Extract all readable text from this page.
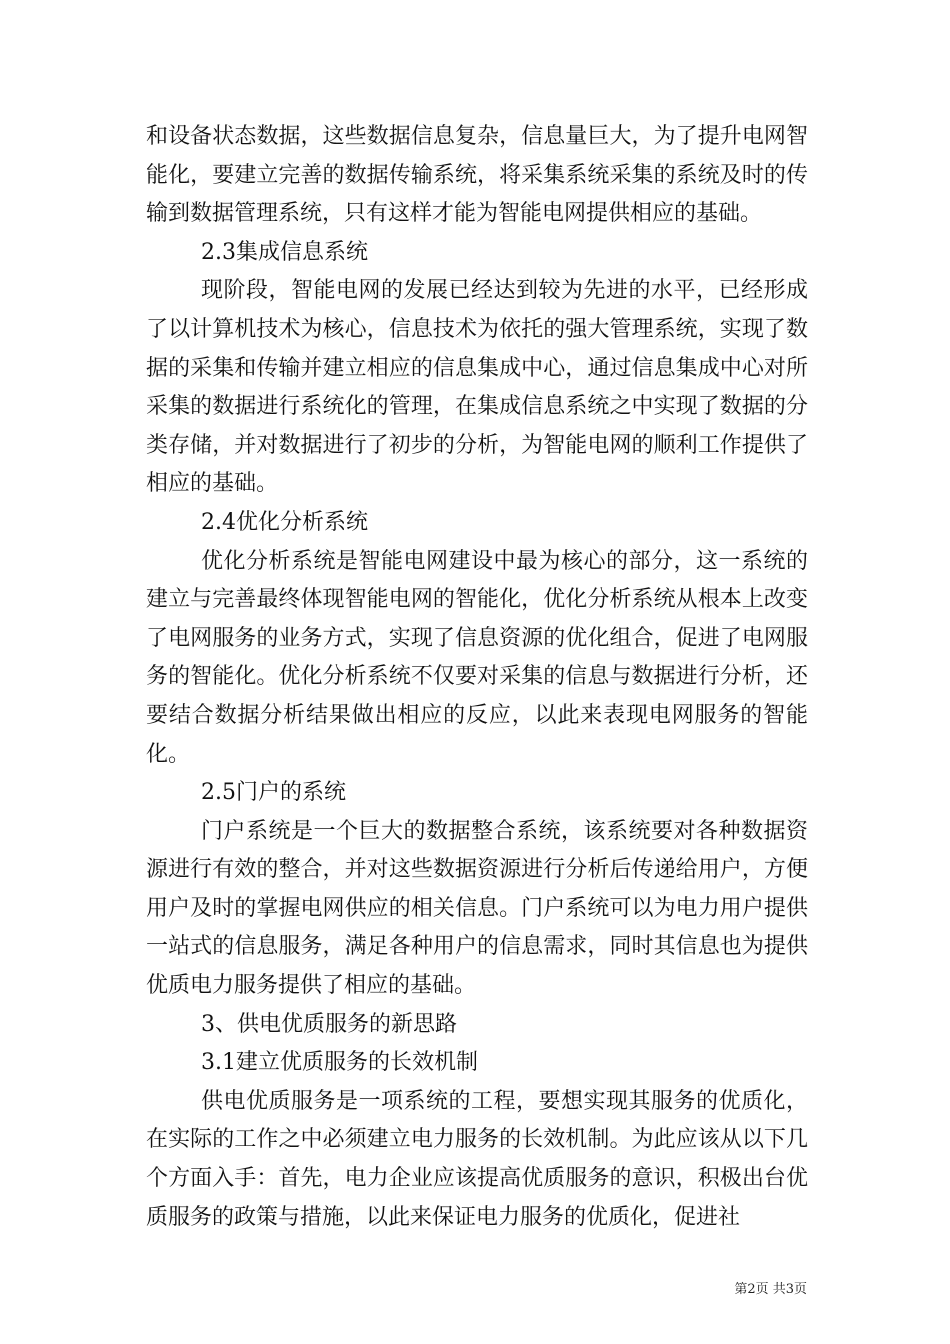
和设备状态数据，这些数据信息复杂，信息量巨大，为了提升电网智能化，要建立完善的数据传输系统，将采集系统采集的系统及时的传输到数据管理系统，只有这样才能为智能电网提供相应的基础。

2.3集成信息系统

现阶段，智能电网的发展已经达到较为先进的水平，已经形成了以计算机技术为核心，信息技术为依托的强大管理系统，实现了数据的采集和传输并建立相应的信息集成中心，通过信息集成中心对所采集的数据进行系统化的管理，在集成信息系统之中实现了数据的分类存储，并对数据进行了初步的分析，为智能电网的顺利工作提供了相应的基础。

2.4优化分析系统

优化分析系统是智能电网建设中最为核心的部分，这一系统的建立与完善最终体现智能电网的智能化，优化分析系统从根本上改变了电网服务的业务方式，实现了信息资源的优化组合，促进了电网服务的智能化。优化分析系统不仅要对采集的信息与数据进行分析，还要结合数据分析结果做出相应的反应，以此来表现电网服务的智能化。

2.5门户的系统

门户系统是一个巨大的数据整合系统，该系统要对各种数据资源进行有效的整合，并对这些数据资源进行分析后传递给用户，方便用户及时的掌握电网供应的相关信息。门户系统可以为电力用户提供一站式的信息服务，满足各种用户的信息需求，同时其信息也为提供优质电力服务提供了相应的基础。

3、供电优质服务的新思路

3.1建立优质服务的长效机制

供电优质服务是一项系统的工程，要想实现其服务的优质化，在实际的工作之中必须建立电力服务的长效机制。为此应该从以下几个方面入手：首先，电力企业应该提高优质服务的意识，积极出台优质服务的政策与措施，以此来保证电力服务的优质化，促进社

第2页 共3页
